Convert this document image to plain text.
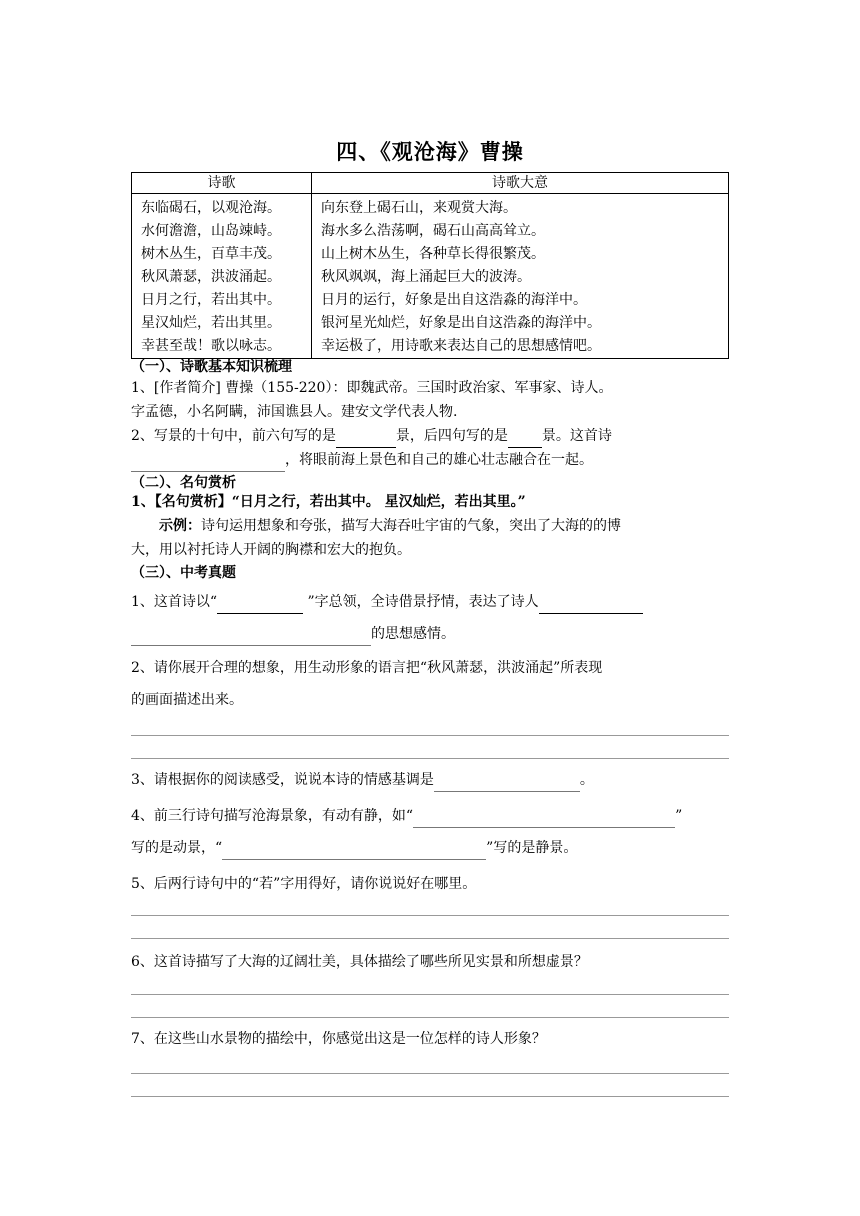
四、《观沧海》曹操
诗歌	诗歌大意
东临碣石，以观沧海。	向东登上碣石山，来观赏大海。
水何澹澹，山岛竦峙。	海水多么浩荡啊，碣石山高高耸立。
树木丛生，百草丰茂。	山上树木丛生，各种草长得很繁茂。
秋风萧瑟，洪波涌起。	秋风飒飒，海上涌起巨大的波涛。
日月之行，若出其中。	日月的运行，好象是出自这浩淼的海洋中。
星汉灿烂，若出其里。	银河星光灿烂，好象是出自这浩淼的海洋中。
幸甚至哉！歌以咏志。	幸运极了，用诗歌来表达自己的思想感情吧。
（一）、诗歌基本知识梳理
1、[作者简介] 曹操（155-220）：即魏武帝。三国时政治家、军事家、诗人。
字孟德，小名阿瞒，沛国谯县人。建安文学代表人物.
2、写景的十句中，前六句写的是	景，后四句写的是 景。这首诗
，将眼前海上景色和自己的雄心壮志融合在一起。
（二）、名句赏析
1、【名句赏析】“日月之行，若出其中。 星汉灿烂，若出其里。”
示例：诗句运用想象和夸张，描写大海吞吐宇宙的气象，突出了大海的的博
大，用以衬托诗人开阔的胸襟和宏大的抱负。
（三）、中考真题
1、这首诗以“	”字总领，全诗借景抒情，表达了诗人
的思想感情。
2、请你展开合理的想象，用生动形象的语言把“秋风萧瑟，洪波涌起”所表现
的画面描述出来。
3、请根据你的阅读感受，说说本诗的情感基调是	。
4、前三行诗句描写沧海景象，有动有静，如“	”
写的是动景，“	”写的是静景。
5、后两行诗句中的“若”字用得好，请你说说好在哪里。
6、这首诗描写了大海的辽阔壮美，具体描绘了哪些所见实景和所想虚景？
7、在这些山水景物的描绘中，你感觉出这是一位怎样的诗人形象？
